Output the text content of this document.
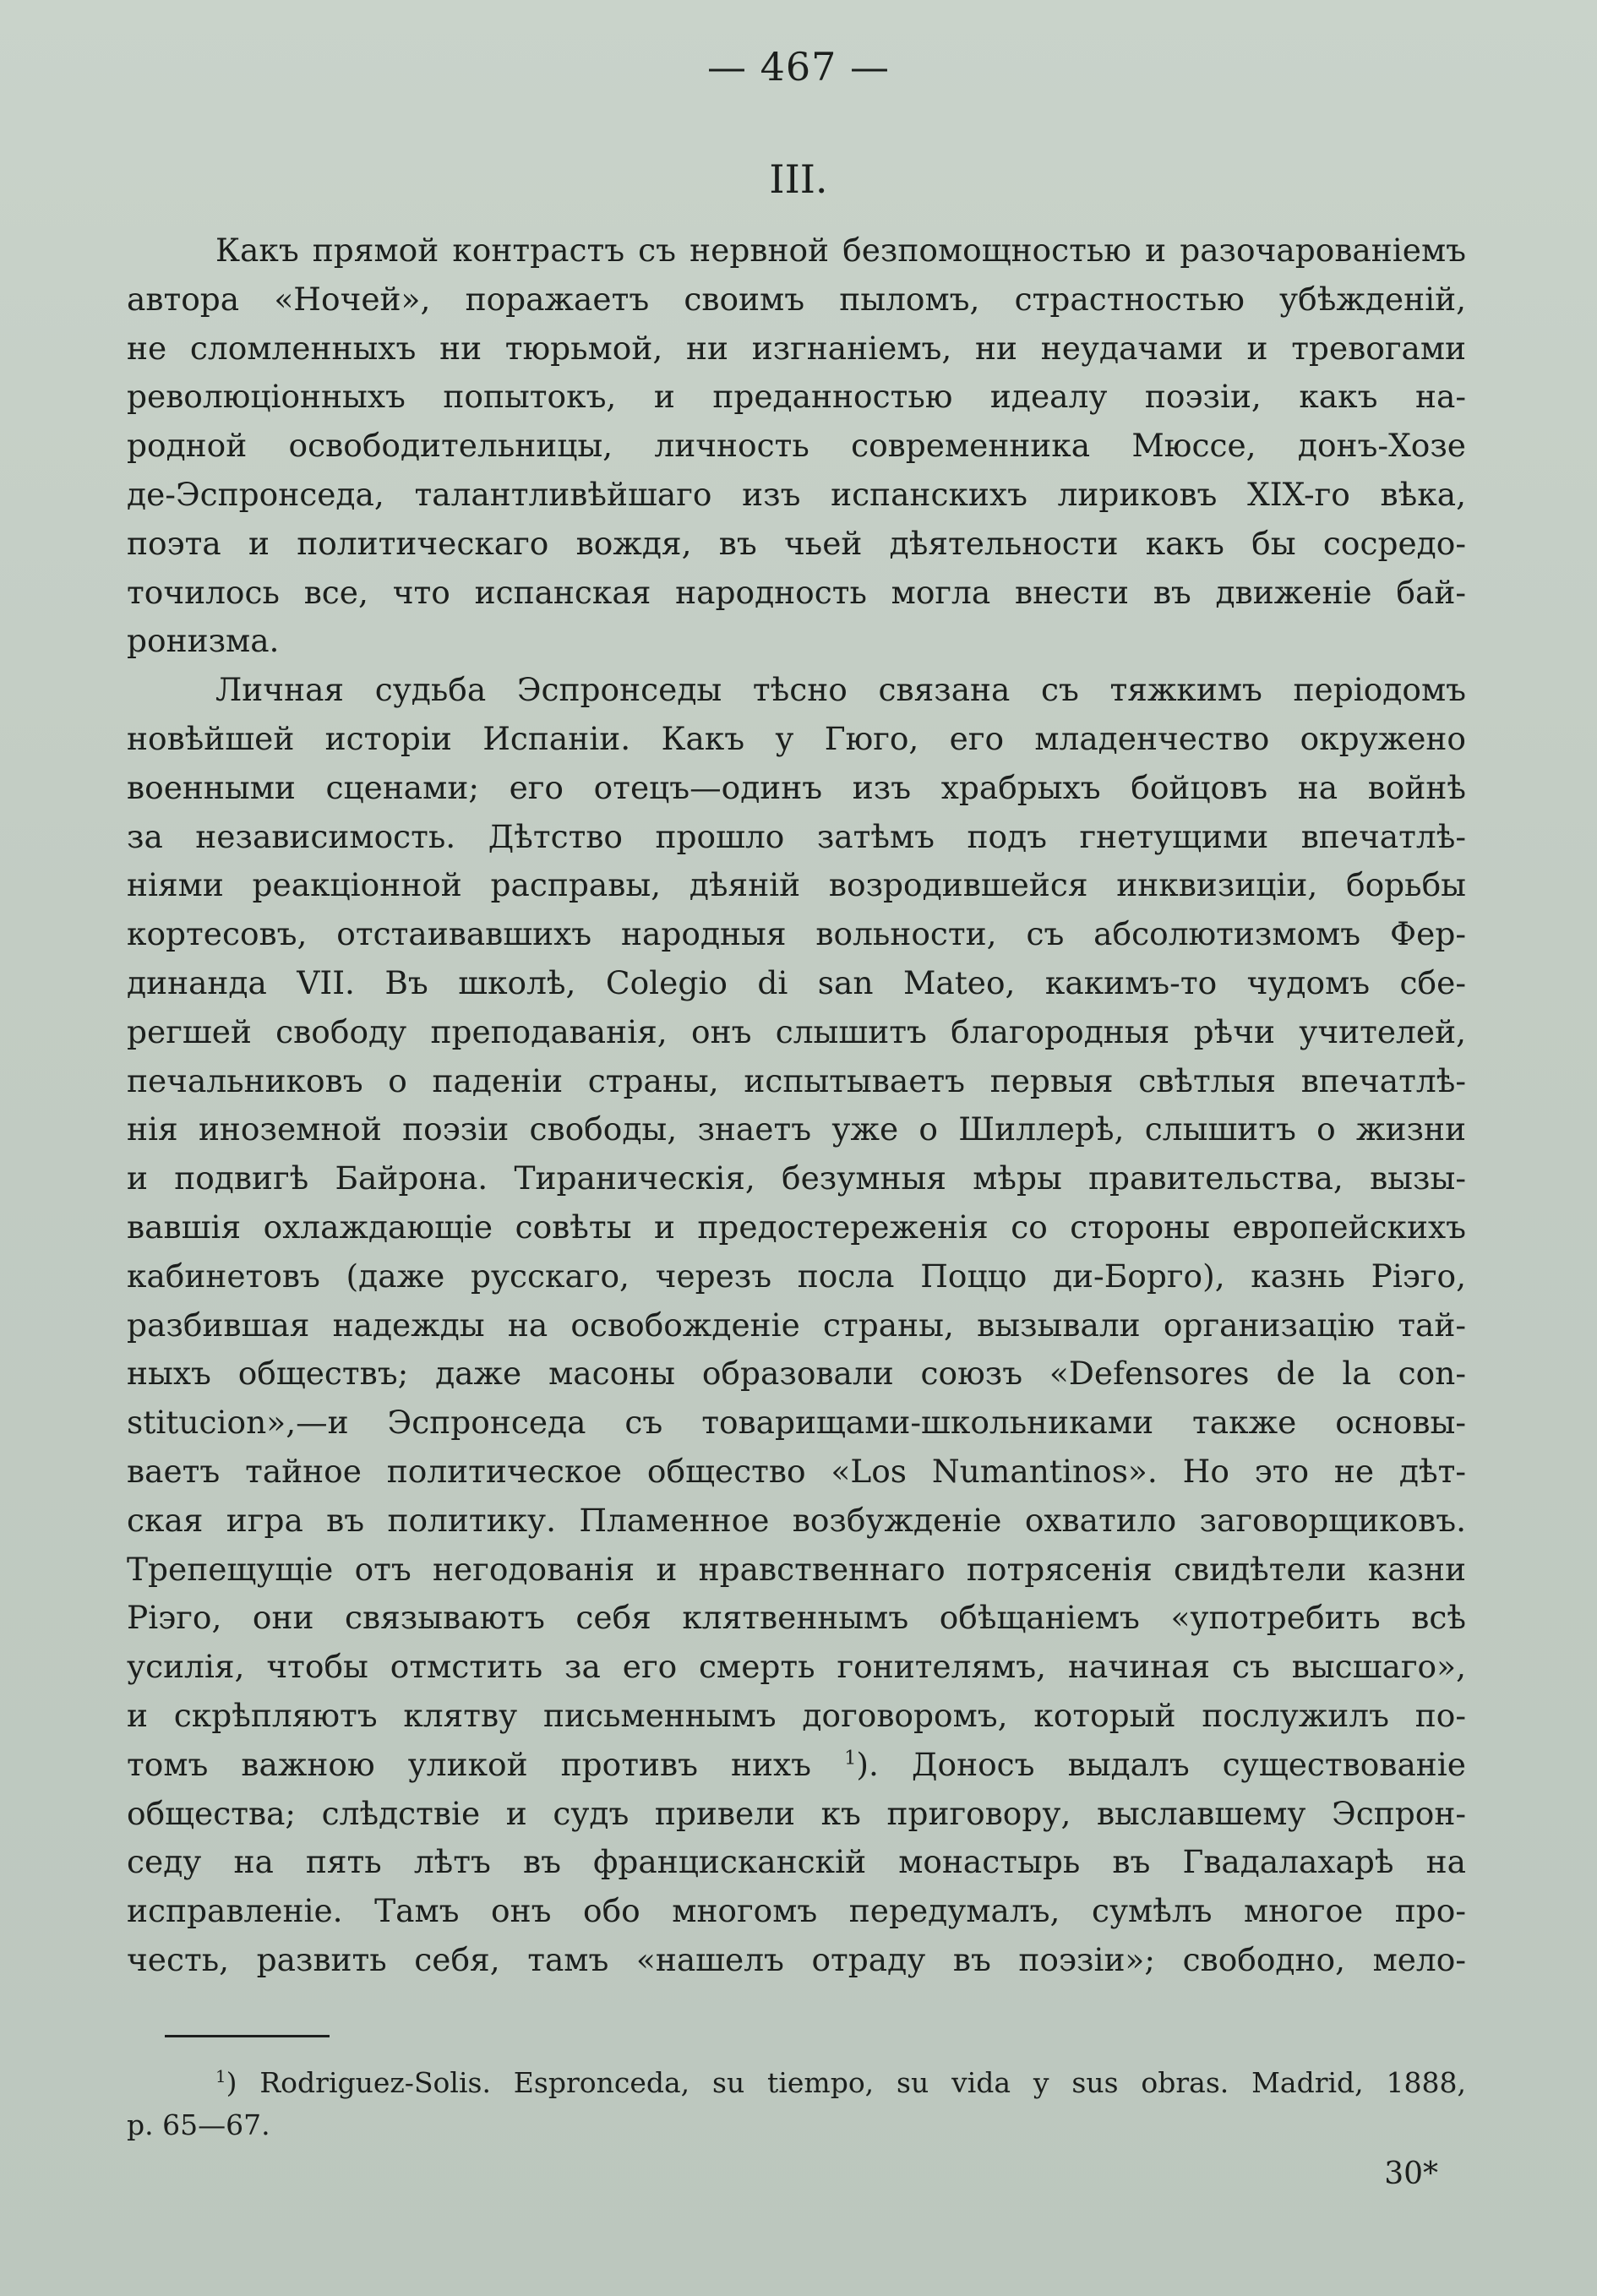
— 467 —
III.
Какъ прямой контрастъ съ нервной безпомощностью и разочарованіемъ
автора «Ночей», поражаетъ своимъ пыломъ, страстностью убѣжденій,
не сломленныхъ ни тюрьмой, ни изгнаніемъ, ни неудачами и тревогами
революціонныхъ попытокъ, и преданностью идеалу поэзіи, какъ на-
родной освободительницы, личность современника Мюссе, донъ-Хозе
де-Эспронседа, талантливѣйшаго изъ испанскихъ лириковъ XIX-го вѣка,
поэта и политическаго вождя, въ чьей дѣятельности какъ бы сосредо-
точилось все, что испанская народность могла внести въ движеніе бай-
ронизма.
Личная судьба Эспронседы тѣсно связана съ тяжкимъ періодомъ
новѣйшей исторіи Испаніи. Какъ у Гюго, его младенчество окружено
военными сценами; его отецъ—одинъ изъ храбрыхъ бойцовъ на войнѣ
за независимость. Дѣтство прошло затѣмъ подъ гнетущими впечатлѣ-
ніями реакціонной расправы, дѣяній возродившейся инквизиціи, борьбы
кортесовъ, отстаивавшихъ народныя вольности, съ абсолютизмомъ Фер-
динанда VII. Въ школѣ, Colegio di san Mateo, какимъ-то чудомъ сбе-
регшей свободу преподаванія, онъ слышитъ благородныя рѣчи учителей,
печальниковъ о паденіи страны, испытываетъ первыя свѣтлыя впечатлѣ-
нія иноземной поэзіи свободы, знаетъ уже о Шиллерѣ, слышитъ о жизни
и подвигѣ Байрона. Тираническія, безумныя мѣры правительства, вызы-
вавшія охлаждающіе совѣты и предостереженія со стороны европейскихъ
кабинетовъ (даже русскаго, черезъ посла Поццо ди-Борго), казнь Ріэго,
разбившая надежды на освобожденіе страны, вызывали организацію тай-
ныхъ обществъ; даже масоны образовали союзъ «Defensores de la con-
stitucion»,—и Эспронседа съ товарищами-школьниками также основы-
ваетъ тайное политическое общество «Los Numantinos». Но это не дѣт-
ская игра въ политику. Пламенное возбужденіе охватило заговорщиковъ.
Трепещущіе отъ негодованія и нравственнаго потрясенія свидѣтели казни
Ріэго, они связываютъ себя клятвеннымъ обѣщаніемъ «употребить всѣ
усилія, чтобы отмстить за его смерть гонителямъ, начиная съ высшаго»,
и скрѣпляютъ клятву письменнымъ договоромъ, который послужилъ по-
томъ важною уликой противъ нихъ $^1$). Доносъ выдалъ существованіе
обществa; слѣдствіе и судъ привели къ приговору, выславшему Эспрон-
седу на пять лѣтъ въ францисканскій монастырь въ Гвадалахарѣ на
исправленіе. Тамъ онъ обо многомъ передумалъ, сумѣлъ многое про-
честь, развить себя, тамъ «нашелъ отраду въ поэзіи»; свободно, мело-
$^1$) Rodriguez-Solis. Espronceda, su tiempo, su vida y sus obras. Madrid, 1888,
p. 65—67.
30*
